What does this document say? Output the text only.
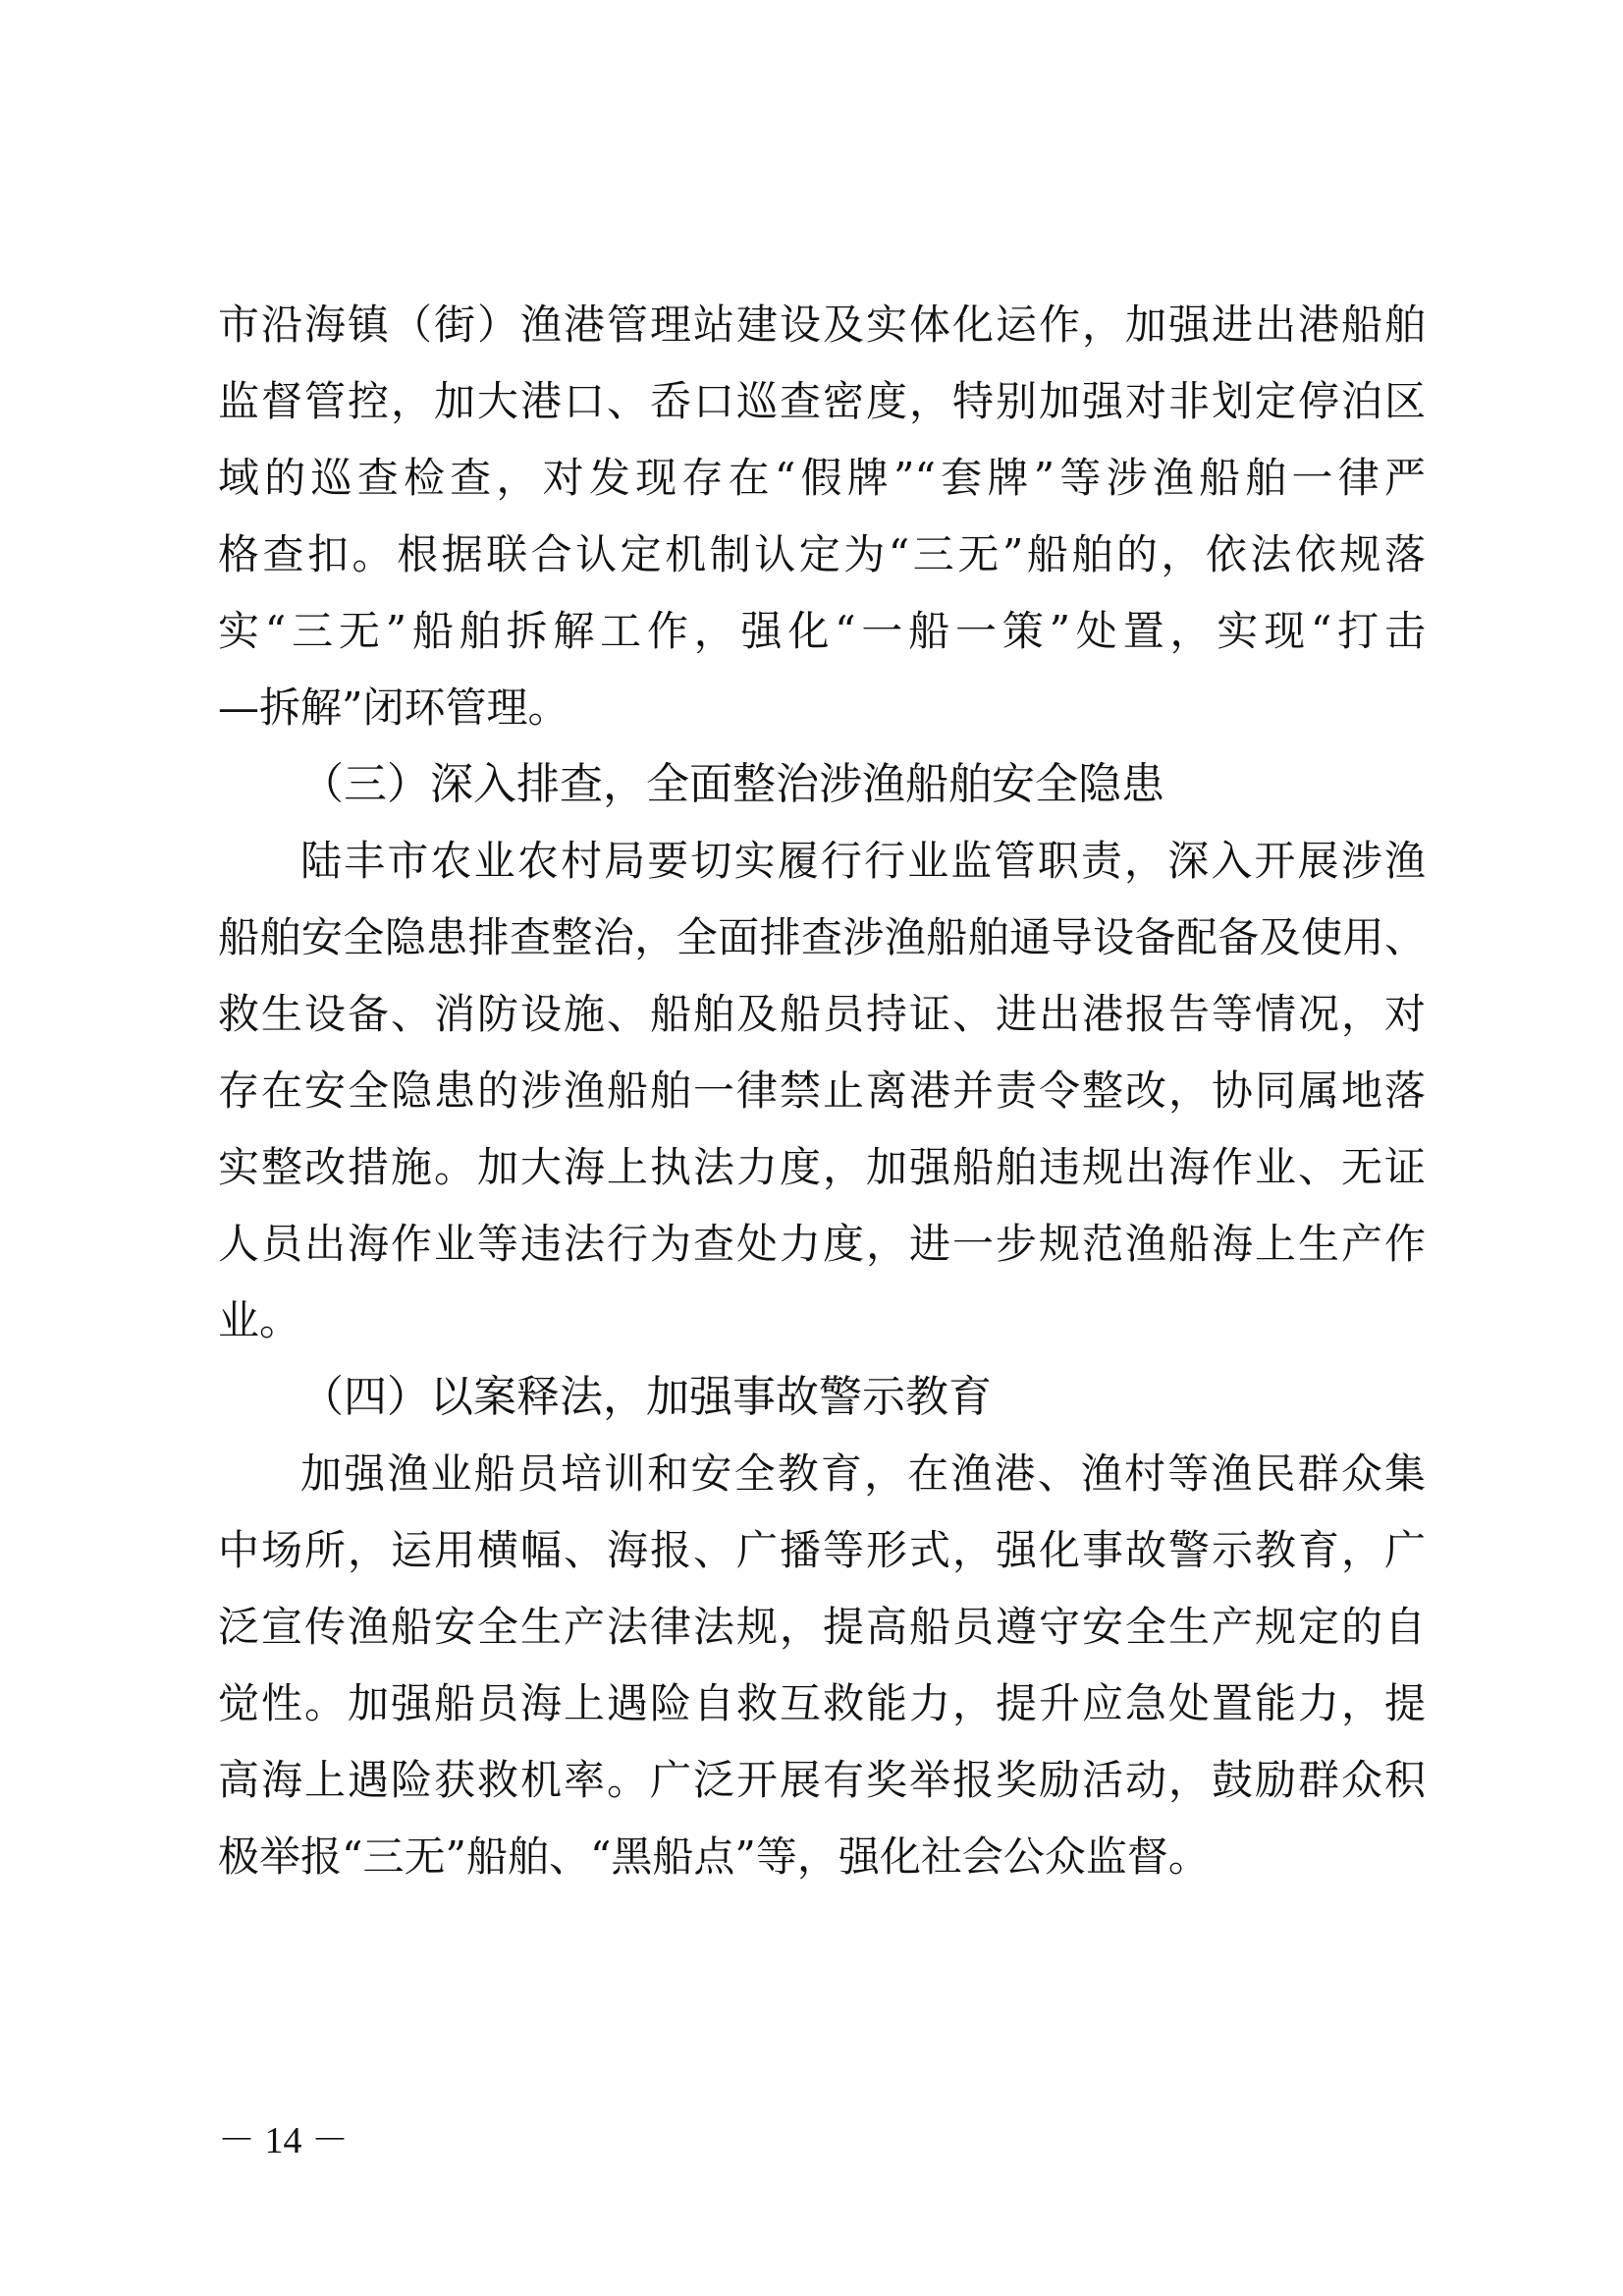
市沿海镇（街）渔港管理站建设及实体化运作，加强进出港船舶
监督管控，加大港口、岙口巡查密度，特别加强对非划定停泊区
域的巡查检查，对发现存在“假牌”“套牌”等涉渔船舶一律严
格查扣。根据联合认定机制认定为“三无”船舶的，依法依规落
实“三无”船舶拆解工作，强化“一船一策”处置，实现“打击
—拆解”闭环管理。
（三）深入排查，全面整治涉渔船舶安全隐患
陆丰市农业农村局要切实履行行业监管职责，深入开展涉渔
船舶安全隐患排查整治，全面排查涉渔船舶通导设备配备及使用、
救生设备、消防设施、船舶及船员持证、进出港报告等情况，对
存在安全隐患的涉渔船舶一律禁止离港并责令整改，协同属地落
实整改措施。加大海上执法力度，加强船舶违规出海作业、无证
人员出海作业等违法行为查处力度，进一步规范渔船海上生产作
业。
（四）以案释法，加强事故警示教育
加强渔业船员培训和安全教育，在渔港、渔村等渔民群众集
中场所，运用横幅、海报、广播等形式，强化事故警示教育，广
泛宣传渔船安全生产法律法规，提高船员遵守安全生产规定的自
觉性。加强船员海上遇险自救互救能力，提升应急处置能力，提
高海上遇险获救机率。广泛开展有奖举报奖励活动，鼓励群众积
极举报“三无”船舶、“黑船点”等，强化社会公众监督。
－ 14 －
